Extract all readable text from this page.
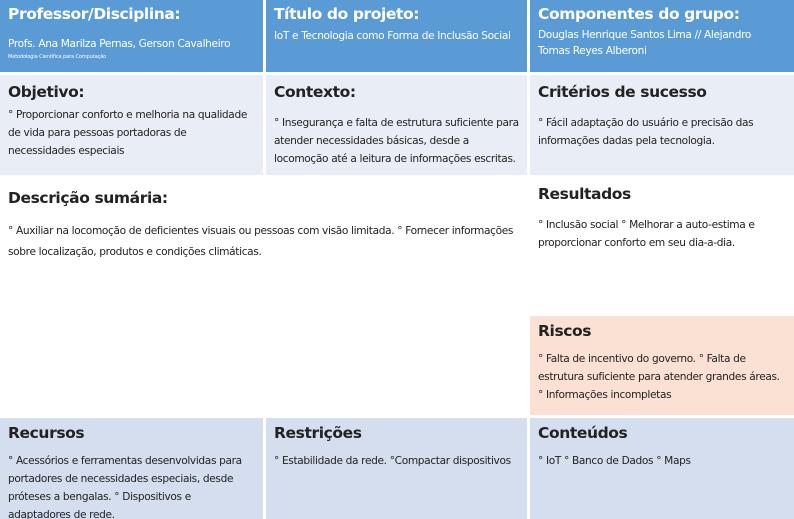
Professor/Disciplina:
Profs. Ana Marilza Pernas, Gerson Cavalheiro
Metodologia Científica para Computação
Título do projeto:
IoT e Tecnologia como Forma de Inclusão Social
Componentes do grupo:
Douglas Henrique Santos Lima // Alejandro Tomas Reyes Alberoni
Objetivo:
° Proporcionar conforto e melhoria na qualidade de vida para pessoas portadoras de necessidades especiais
Contexto:
° Insegurança e falta de estrutura suficiente para atender necessidades básicas, desde a locomoção até a leitura de informações escritas.
Critérios de sucesso
° Fácil adaptação do usuário e precisão das informações dadas pela tecnologia.
Descrição sumária:
° Auxiliar na locomoção de deficientes visuais ou pessoas com visão limitada. ° Fornecer informações sobre localização, produtos e condições climáticas.
Resultados
° Inclusão social ° Melhorar a auto-estima e proporcionar conforto em seu dia-a-dia.
Riscos
° Falta de incentivo do governo. ° Falta de estrutura suficiente para atender grandes áreas. ° Informações incompletas
Recursos
° Acessórios e ferramentas desenvolvidas para portadores de necessidades especiais, desde próteses a bengalas. ° Dispositivos e adaptadores de rede.
Restrições
° Estabilidade da rede. °Compactar dispositivos
Conteúdos
° IoT ° Banco de Dados ° Maps
